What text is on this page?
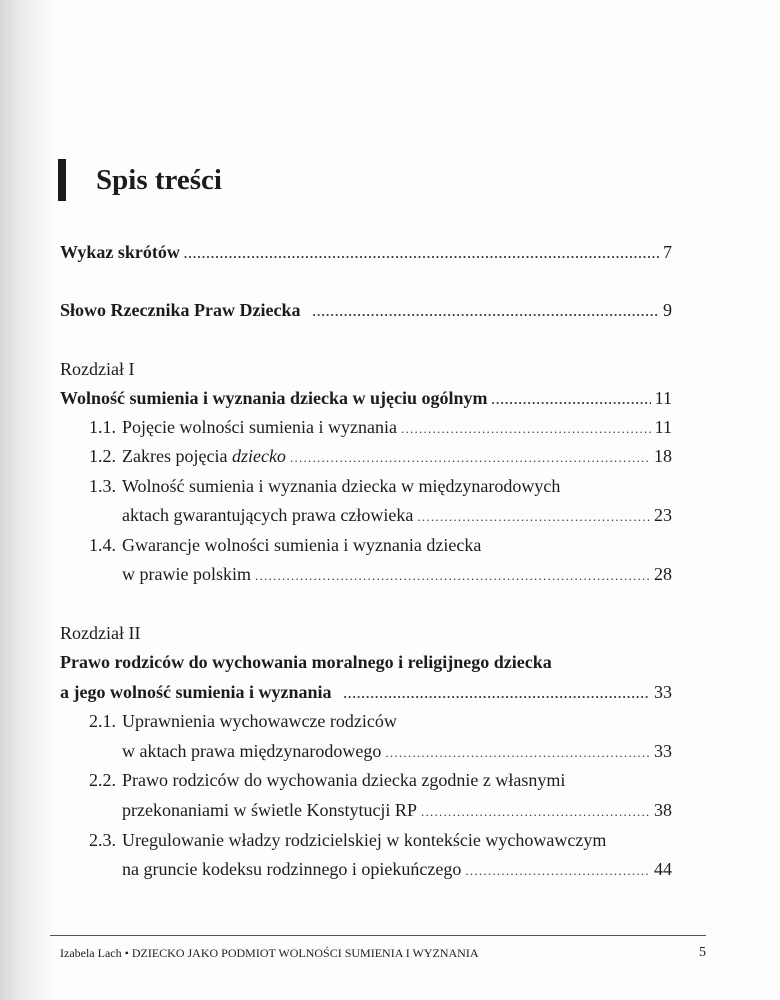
Spis treści
Wykaz skrótów . . .	7
Słowo Rzecznika Praw Dziecka . . .	9
Rozdział I
Wolność sumienia i wyznania dziecka w ujęciu ogólnym . . .	11
1.1. Pojęcie wolności sumienia i wyznania . . .	11
1.2. Zakres pojęcia dziecko . . .	18
1.3. Wolność sumienia i wyznania dziecka w międzynarodowych
aktach gwarantujących prawa człowieka . . .	23
1.4. Gwarancje wolności sumienia i wyznania dziecka
w prawie polskim . . .	28
Rozdział II
Prawo rodziców do wychowania moralnego i religijnego dziecka
a jego wolność sumienia i wyznania . . .	33
2.1. Uprawnienia wychowawcze rodziców
w aktach prawa międzynarodowego . . .	33
2.2. Prawo rodziców do wychowania dziecka zgodnie z własnymi
przekonaniami w świetle Konstytucji RP . . .	38
2.3. Uregulowanie władzy rodzicielskiej w kontekście wychowawczym
na gruncie kodeksu rodzinnego i opiekuńczego . . .	44
Izabela Lach • DZIECKO JAKO PODMIOT WOLNOŚCI SUMIENIA I WYZNANIA	5
